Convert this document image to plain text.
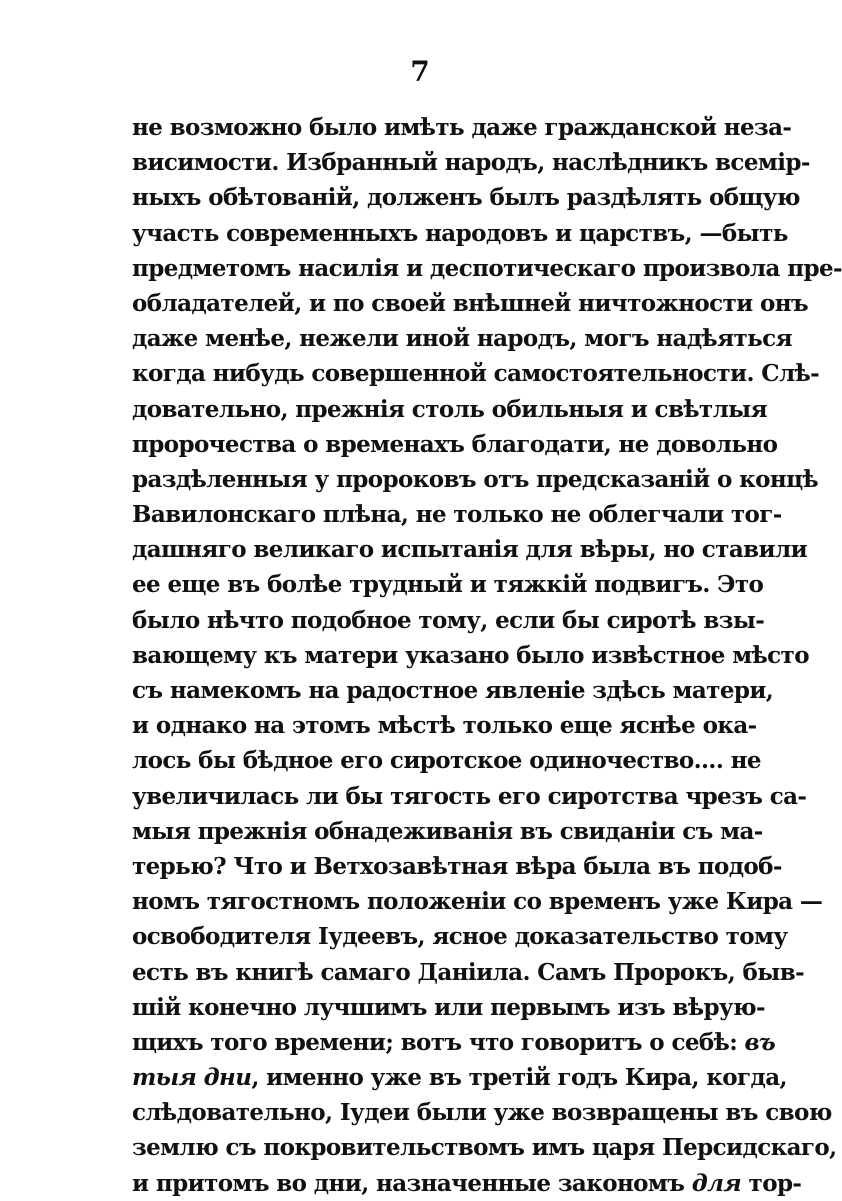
7
не возможно было имѣть даже гражданской неза-
висимости. Избранный народъ, наслѣдникъ всемір-
ныхъ обѣтованій, долженъ былъ раздѣлять общую
участь современныхъ народовъ и царствъ, —быть
предметомъ насилія и деспотическаго произвола пре-
обладателей, и по своей внѣшней ничтожности онъ
даже менѣе, нежели иной народъ, могъ надѣяться
когда нибудь совершенной самостоятельности. Слѣ-
довательно, прежнія столь обильныя и свѣтлыя
пророчества о временахъ благодати, не довольно
раздѣленныя у пророковъ отъ предсказаній о концѣ
Вавилонскаго плѣна, не только не облегчали тог-
дашняго великаго испытанія для вѣры, но ставили
ее еще въ болѣе трудный и тяжкій подвигъ. Это
было нѣчто подобное тому, если бы сиротѣ взы-
вающему къ матери указано было извѣстное мѣсто
съ намекомъ на радостное явленіе здѣсь матери,
и однако на этомъ мѣстѣ только еще яснѣе ока-
лось бы бѣдное его сиротское одиночество.... не
увеличилась ли бы тягость его сиротства чрезъ са-
мыя прежнія обнадеживанія въ свиданіи съ ма-
терью? Что и Ветхозавѣтная вѣра была въ подоб-
номъ тягостномъ положеніи со временъ уже Кира —
освободителя Іудеевъ, ясное доказательство тому
есть въ книгѣ самаго Даніила. Самъ Пророкъ, быв-
шій конечно лучшимъ или первымъ изъ вѣрую-
щихъ того времени; вотъ что говоритъ о себѣ: въ
тыя дни, именно уже въ третій годъ Кира, когда,
слѣдовательно, Іудеи были уже возвращены въ свою
землю съ покровительствомъ имъ царя Персидскаго,
и притомъ во дни, назначенные закономъ для тор-
